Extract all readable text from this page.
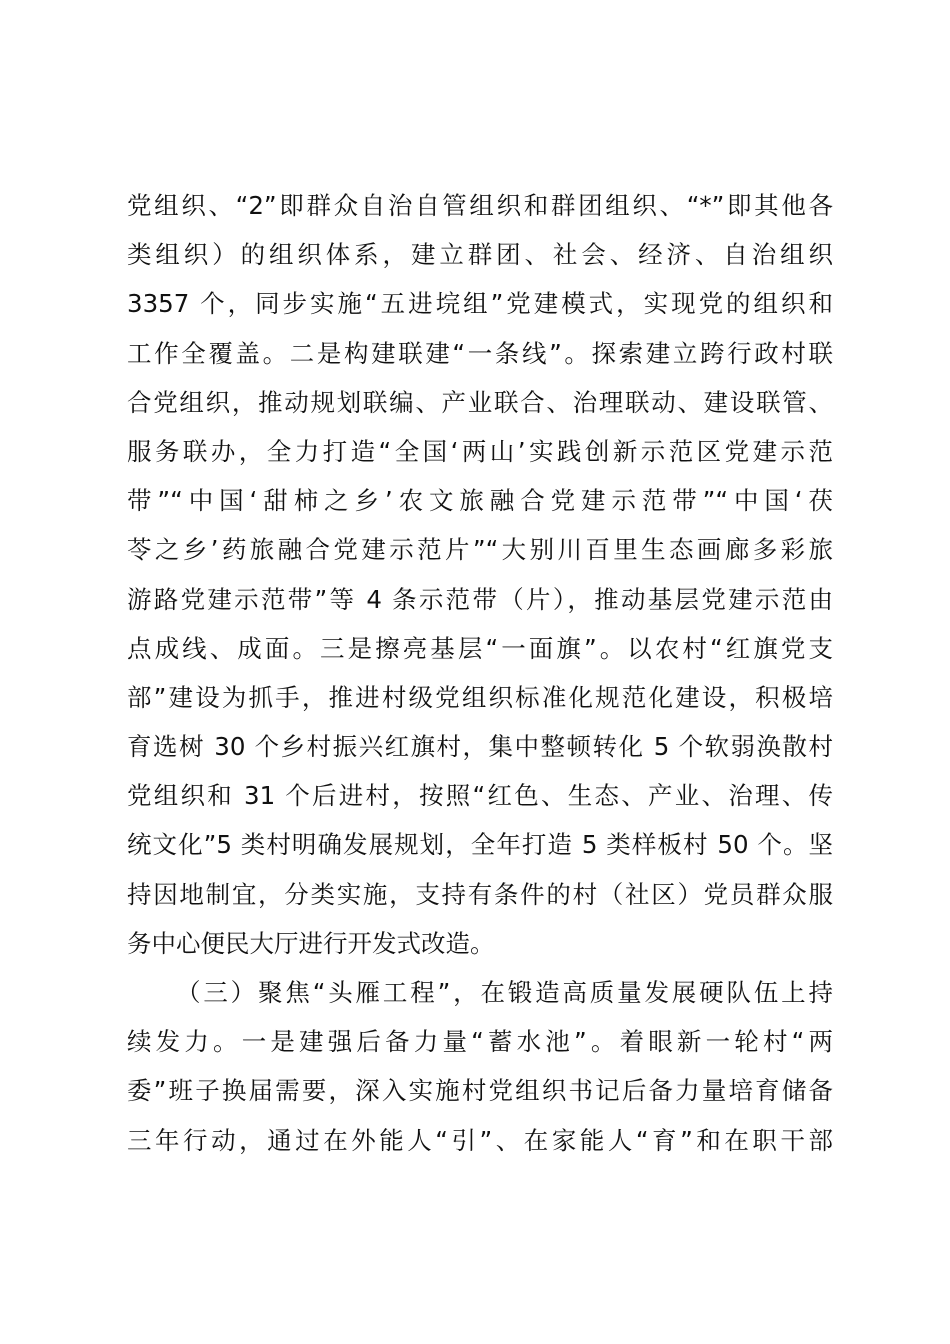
党组织、“2”即群众自治自管组织和群团组织、“*”即其他各
类组织）的组织体系，建立群团、社会、经济、自治组织
3357 个，同步实施“五进垸组”党建模式，实现党的组织和
工作全覆盖。二是构建联建“一条线”。探索建立跨行政村联
合党组织，推动规划联编、产业联合、治理联动、建设联管、
服务联办，全力打造“全国‘两山’实践创新示范区党建示范
带”“中国‘甜柿之乡’农文旅融合党建示范带”“中国‘茯
苓之乡’药旅融合党建示范片”“大别川百里生态画廊多彩旅
游路党建示范带”等 4 条示范带（片），推动基层党建示范由
点成线、成面。三是擦亮基层“一面旗”。以农村“红旗党支
部”建设为抓手，推进村级党组织标准化规范化建设，积极培
育选树 30 个乡村振兴红旗村，集中整顿转化 5 个软弱涣散村
党组织和 31 个后进村，按照“红色、生态、产业、治理、传
统文化”5 类村明确发展规划，全年打造 5 类样板村 50 个。坚
持因地制宜，分类实施，支持有条件的村（社区）党员群众服
务中心便民大厅进行开发式改造。
（三）聚焦“头雁工程”，在锻造高质量发展硬队伍上持
续发力。一是建强后备力量“蓄水池”。着眼新一轮村“两
委”班子换届需要，深入实施村党组织书记后备力量培育储备
三年行动，通过在外能人“引”、在家能人“育”和在职干部
